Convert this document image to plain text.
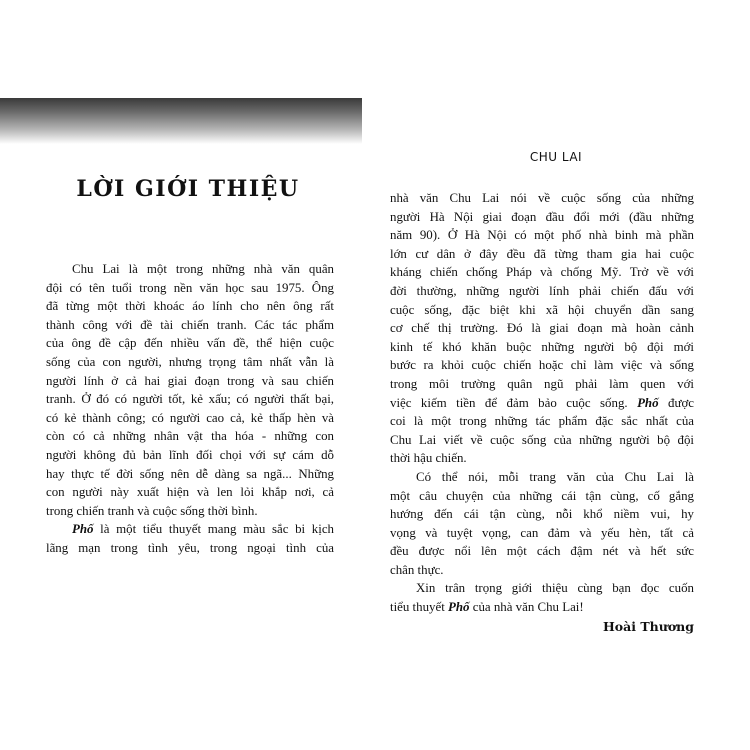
LỜI GIỚI THIỆU
Chu Lai là một trong những nhà văn quân
đội có tên tuổi trong nền văn học sau 1975. Ông
đã từng một thời khoác áo lính cho nên ông rất
thành công với đề tài chiến tranh. Các tác phẩm
của ông đề cập đến nhiều vấn đề, thể hiện cuộc
sống của con người, nhưng trọng tâm nhất vẫn là
người lính ở cả hai giai đoạn trong và sau chiến
tranh. Ở đó có người tốt, kẻ xấu; có người thất bại,
có kẻ thành công; có người cao cả, kẻ thấp hèn và
còn có cả những nhân vật tha hóa - những con
người không đủ bản lĩnh đối chọi với sự cám dỗ
hay thực tế đời sống nên dễ dàng sa ngã... Những
con người này xuất hiện và len lỏi khắp nơi, cả
trong chiến tranh và cuộc sống thời bình.
Phố là một tiểu thuyết mang màu sắc bi kịch
lãng mạn trong tình yêu, trong ngoại tình của
CHU LAI
nhà văn Chu Lai nói về cuộc sống của những
người Hà Nội giai đoạn đầu đổi mới (đầu những
năm 90). Ở Hà Nội có một phố nhà binh mà phần
lớn cư dân ở đây đều đã từng tham gia hai cuộc
kháng chiến chống Pháp và chống Mỹ. Trở về với
đời thường, những người lính phải chiến đấu với
cuộc sống, đặc biệt khi xã hội chuyển dần sang
cơ chế thị trường. Đó là giai đoạn mà hoàn cảnh
kinh tế khó khăn buộc những người bộ đội mới
bước ra khỏi cuộc chiến hoặc chỉ làm việc và sống
trong môi trường quân ngũ phải làm quen với
việc kiếm tiền để đảm bảo cuộc sống. Phố được
coi là một trong những tác phẩm đặc sắc nhất của
Chu Lai viết về cuộc sống của những người bộ đội
thời hậu chiến.
Có thể nói, mỗi trang văn của Chu Lai là
một câu chuyện của những cái tận cùng, cố gắng
hướng đến cái tận cùng, nỗi khổ niềm vui, hy
vọng và tuyệt vọng, can đảm và yếu hèn, tất cả
đều được nổi lên một cách đậm nét và hết sức
chân thực.
Xin trân trọng giới thiệu cùng bạn đọc cuốn
tiểu thuyết Phố của nhà văn Chu Lai!
Hoài Thương
